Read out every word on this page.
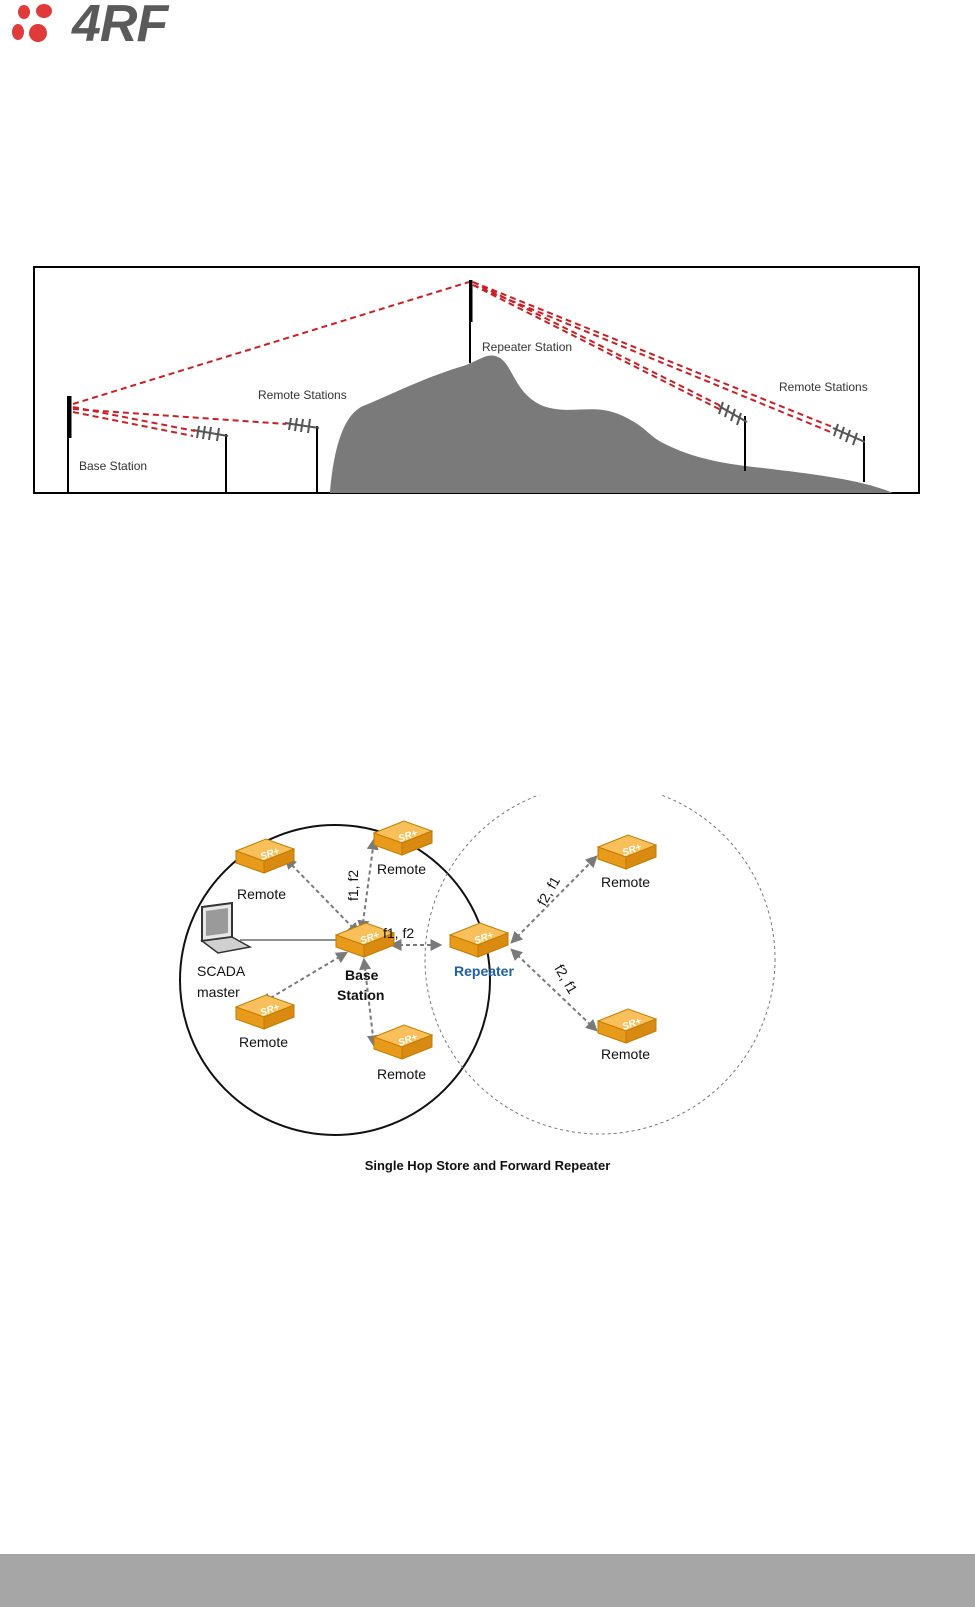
4RF
Repeater Station
Remote Stations
Remote Stations
Base Station
SR+
SR+
SR+
SR+
SR+
SR+
SR+
SR+
Remote
Remote
Remote
Remote
Remote
Remote
SCADA
master
Base
Station
Repeater
f1, f2
f1, f2	f2, f1
f2, f1
Single Hop Store and Forward Repeater
